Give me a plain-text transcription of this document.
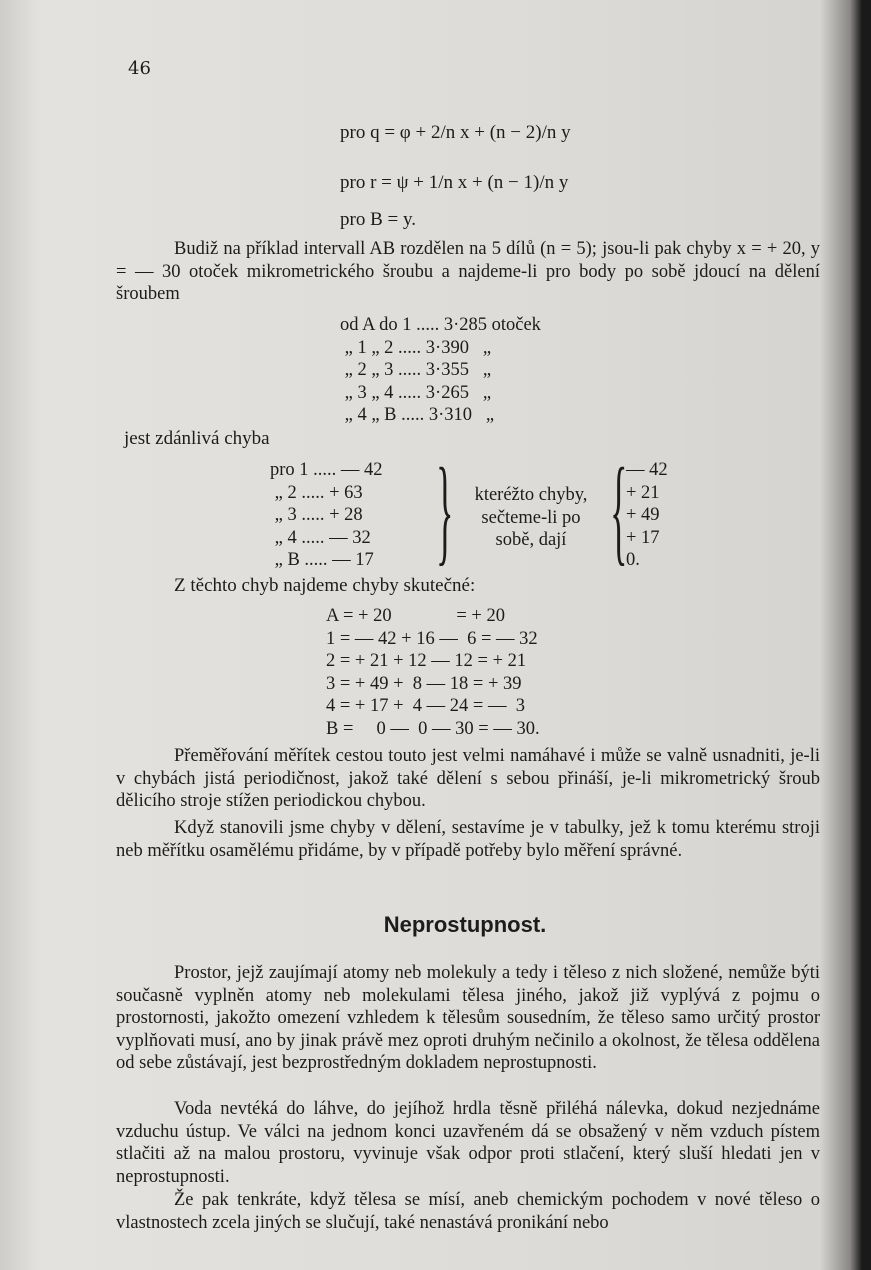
46
pro q = φ + 2/n x + (n − 2)/n y
pro r = ψ + 1/n x + (n − 1)/n y
pro B = y.

Budiž na příklad intervall AB rozdělen na 5 dílů (n = 5); jsou-li pak chyby x = + 20, y = — 30 otoček mikrometrického šroubu a najdeme-li pro body po sobě jdoucí na dělení šroubem

od A do 1 ..... 3·285 otoček
„ 1 „ 2 ..... 3·390   „
„ 2 „ 3 ..... 3·355   „
„ 3 „ 4 ..... 3·265   „
„ 4 „ B ..... 3·310   „
jest zdánlivá chyba
pro 1 ..... — 42
„ 2 ..... + 63
„ 3 ..... + 28
„ 4 ..... — 32
„ B ..... — 17 }	kteréžto chyby,
sečteme-li po
sobě, dají {
— 42
+ 21
+ 49
+ 17
0.
Z těchto chyb najdeme chyby skutečné:
A = + 20              = + 20
1 = — 42 + 16 —  6 = — 32
2 = + 21 + 12 — 12 = + 21
3 = + 49 +  8 — 18 = + 39
4 = + 17 +  4 — 24 = —  3
B =     0 —  0 — 30 = — 30.

Přeměřování měřítek cestou touto jest velmi namáhavé i může se valně usnadniti, je-li v chybách jistá periodičnost, jakož také dělení s sebou přináší, je-li mikrometrický šroub dělicího stroje stížen periodickou chybou.

Když stanovili jsme chyby v dělení, sestavíme je v tabulky, jež k tomu kterému stroji neb měřítku osamělému přidáme, by v případě potřeby bylo měření správné.

Neprostupnost.

Prostor, jejž zaujímají atomy neb molekuly a tedy i těleso z nich složené, nemůže býti současně vyplněn atomy neb molekulami tělesa jiného, jakož již vyplývá z pojmu o prostornosti, jakožto omezení vzhledem k tělesům sousedním, že těleso samo určitý prostor vyplňovati musí, ano by jinak právě mez oproti druhým nečinilo a okolnost, že tělesa oddělena od sebe zůstávají, jest bezprostředným dokladem neprostupnosti.

Voda nevtéká do láhve, do jejíhož hrdla těsně přiléhá nálevka, dokud nezjednáme vzduchu ústup. Ve válci na jednom konci uzavřeném dá se obsažený v něm vzduch pístem stlačiti až na malou prostoru, vyvinuje však odpor proti stlačení, který sluší hledati jen v neprostupnosti.

Že pak tenkráte, když tělesa se mísí, aneb chemickým pochodem v nové těleso o vlastnostech zcela jiných se slučují, také nenastává pronikání nebo
